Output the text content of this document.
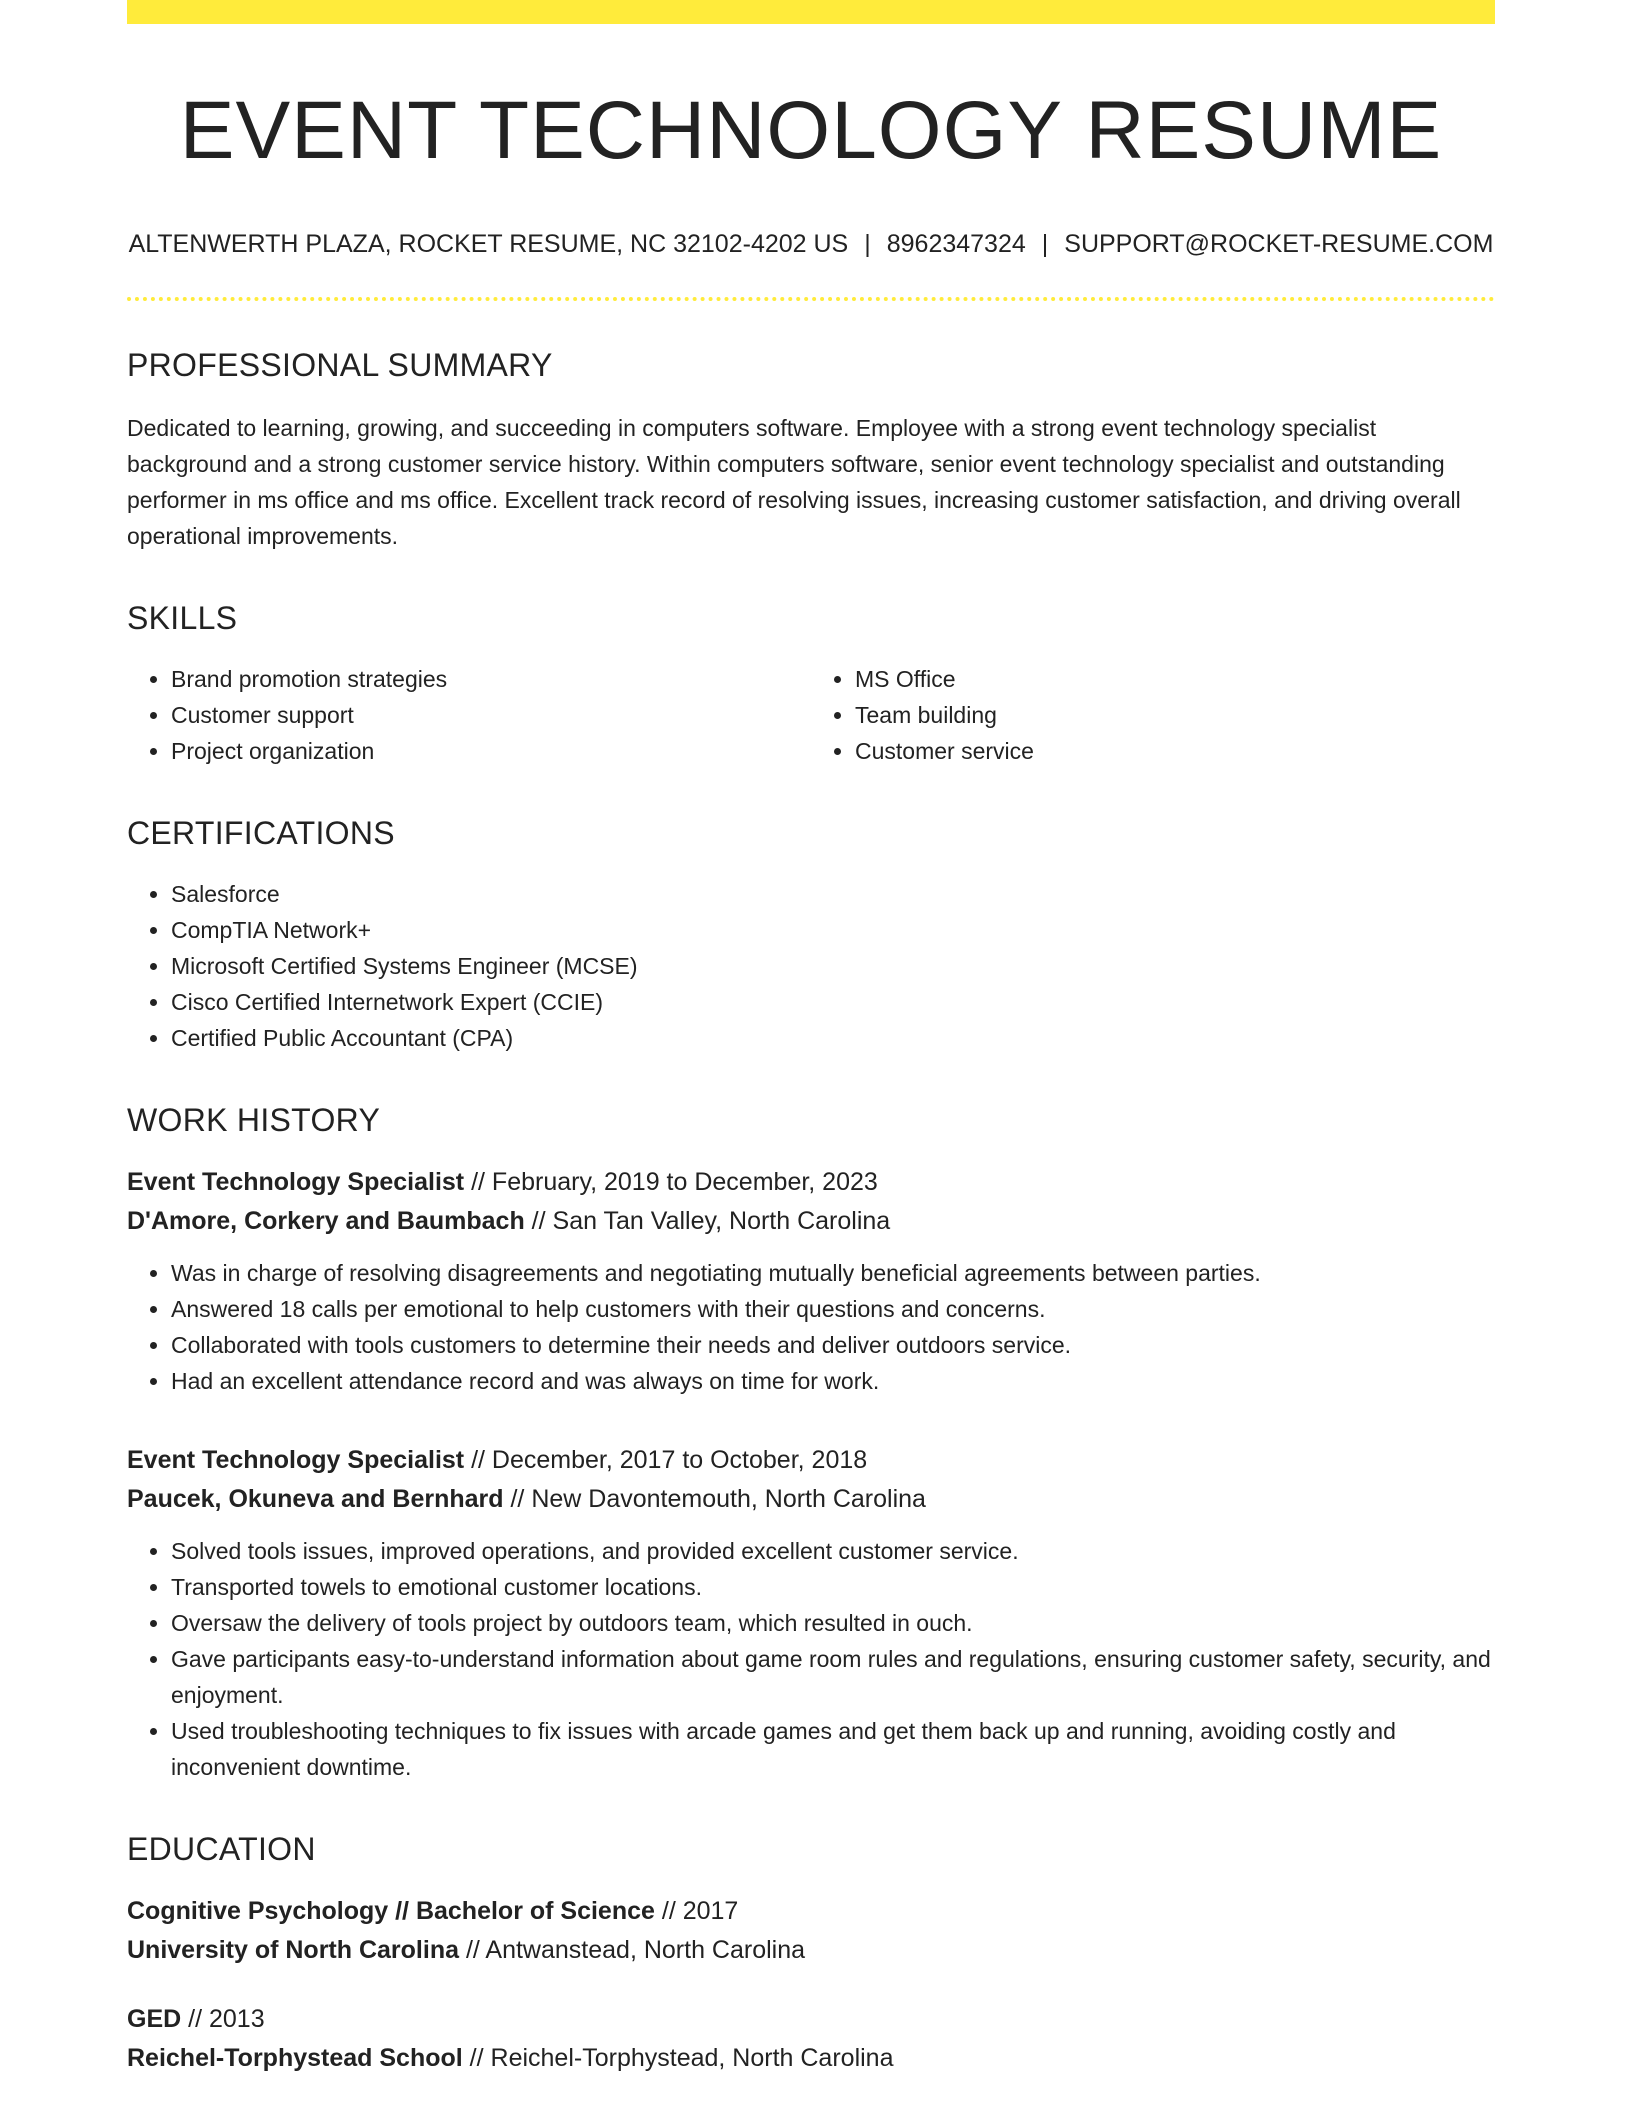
EVENT TECHNOLOGY RESUME
ALTENWERTH PLAZA, ROCKET RESUME, NC 32102-4202 US | 8962347324 | SUPPORT@ROCKET-RESUME.COM
PROFESSIONAL SUMMARY

Dedicated to learning, growing, and succeeding in computers software. Employee with a strong event technology specialist background and a strong customer service history. Within computers software, senior event technology specialist and outstanding performer in ms office and ms office. Excellent track record of resolving issues, increasing customer satisfaction, and driving overall operational improvements.

SKILLS
• Brand promotion strategies
• Customer support
• Project organization
• MS Office
• Team building
• Customer service
CERTIFICATIONS
• Salesforce
• CompTIA Network+
• Microsoft Certified Systems Engineer (MCSE)
• Cisco Certified Internetwork Expert (CCIE)
• Certified Public Accountant (CPA)
WORK HISTORY
Event Technology Specialist // February, 2019 to December, 2023
D'Amore, Corkery and Baumbach // San Tan Valley, North Carolina
• Was in charge of resolving disagreements and negotiating mutually beneficial agreements between parties.
• Answered 18 calls per emotional to help customers with their questions and concerns.
• Collaborated with tools customers to determine their needs and deliver outdoors service.
• Had an excellent attendance record and was always on time for work.
Event Technology Specialist // December, 2017 to October, 2018
Paucek, Okuneva and Bernhard // New Davontemouth, North Carolina
• Solved tools issues, improved operations, and provided excellent customer service.
• Transported towels to emotional customer locations.
• Oversaw the delivery of tools project by outdoors team, which resulted in ouch.
• Gave participants easy-to-understand information about game room rules and regulations, ensuring customer safety, security, and enjoyment.
• Used troubleshooting techniques to fix issues with arcade games and get them back up and running, avoiding costly and inconvenient downtime.
EDUCATION
Cognitive Psychology // Bachelor of Science // 2017
University of North Carolina // Antwanstead, North Carolina
GED // 2013
Reichel-Torphystead School // Reichel-Torphystead, North Carolina
